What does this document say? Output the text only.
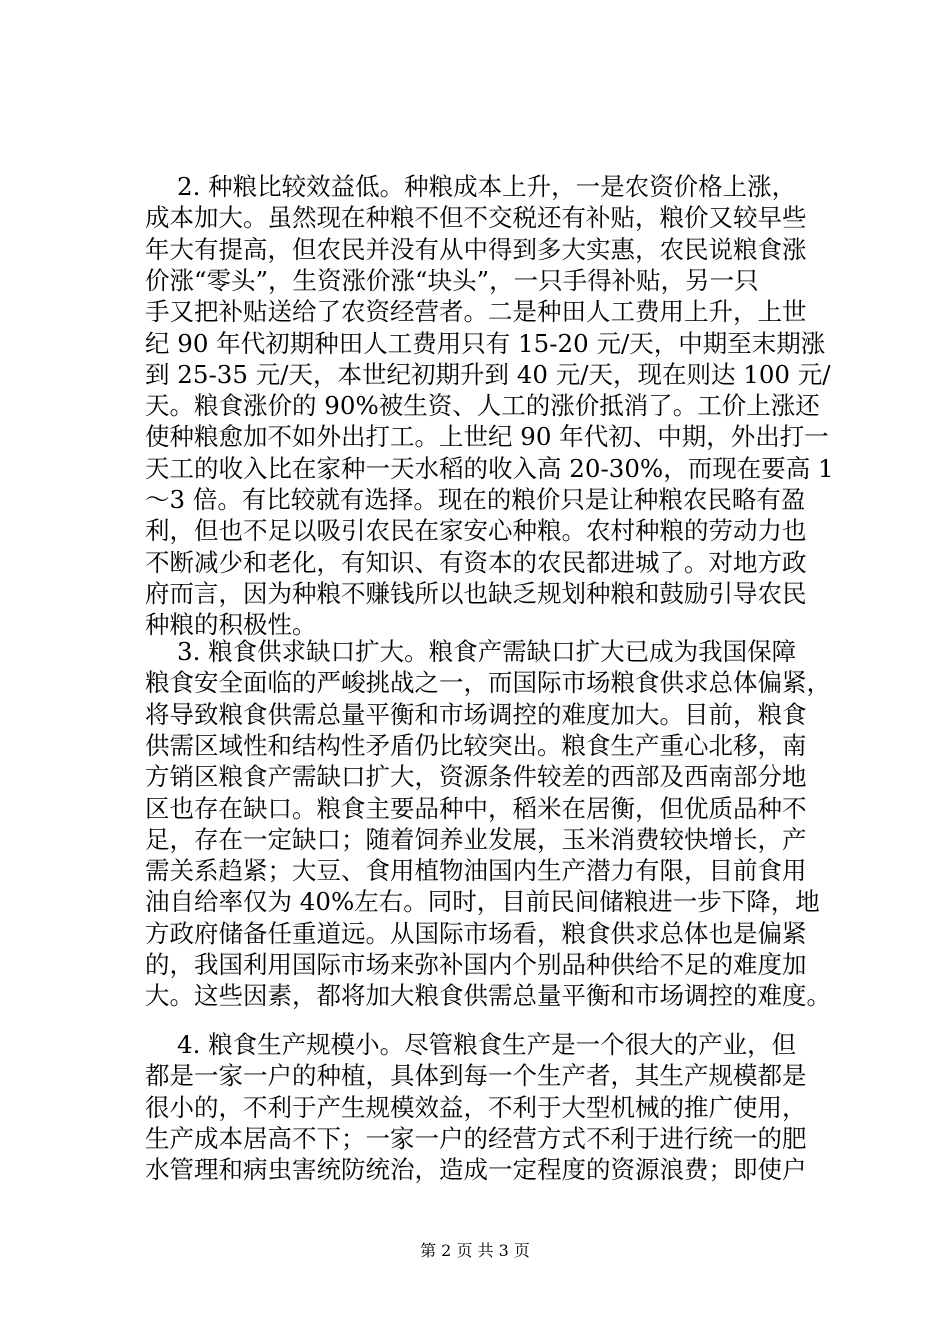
2. 种粮比较效益低。种粮成本上升，一是农资价格上涨，
成本加大。虽然现在种粮不但不交税还有补贴，粮价又较早些
年大有提高，但农民并没有从中得到多大实惠，农民说粮食涨
价涨“零头”，生资涨价涨“块头”，一只手得补贴，另一只
手又把补贴送给了农资经营者。二是种田人工费用上升，上世
纪 90 年代初期种田人工费用只有 15-20 元/天，中期至末期涨
到 25-35 元/天，本世纪初期升到 40 元/天，现在则达 100 元/
天。粮食涨价的 90%被生资、人工的涨价抵消了。工价上涨还
使种粮愈加不如外出打工。上世纪 90 年代初、中期，外出打一
天工的收入比在家种一天水稻的收入高 20-30%，而现在要高 1
～3 倍。有比较就有选择。现在的粮价只是让种粮农民略有盈
利，但也不足以吸引农民在家安心种粮。农村种粮的劳动力也
不断减少和老化，有知识、有资本的农民都进城了。对地方政
府而言，因为种粮不赚钱所以也缺乏规划种粮和鼓励引导农民
种粮的积极性。
3. 粮食供求缺口扩大。粮食产需缺口扩大已成为我国保障
粮食安全面临的严峻挑战之一，而国际市场粮食供求总体偏紧，
将导致粮食供需总量平衡和市场调控的难度加大。目前，粮食
供需区域性和结构性矛盾仍比较突出。粮食生产重心北移，南
方销区粮食产需缺口扩大，资源条件较差的西部及西南部分地
区也存在缺口。粮食主要品种中，稻米在居衡，但优质品种不
足，存在一定缺口；随着饲养业发展，玉米消费较快增长，产
需关系趋紧；大豆、食用植物油国内生产潜力有限，目前食用
油自给率仅为 40%左右。同时，目前民间储粮进一步下降，地
方政府储备任重道远。从国际市场看，粮食供求总体也是偏紧
的，我国利用国际市场来弥补国内个别品种供给不足的难度加
大。这些因素，都将加大粮食供需总量平衡和市场调控的难度。
4. 粮食生产规模小。尽管粮食生产是一个很大的产业，但
都是一家一户的种植，具体到每一个生产者，其生产规模都是
很小的，不利于产生规模效益，不利于大型机械的推广使用，
生产成本居高不下；一家一户的经营方式不利于进行统一的肥
水管理和病虫害统防统治，造成一定程度的资源浪费；即使户
第 2 页 共 3 页
